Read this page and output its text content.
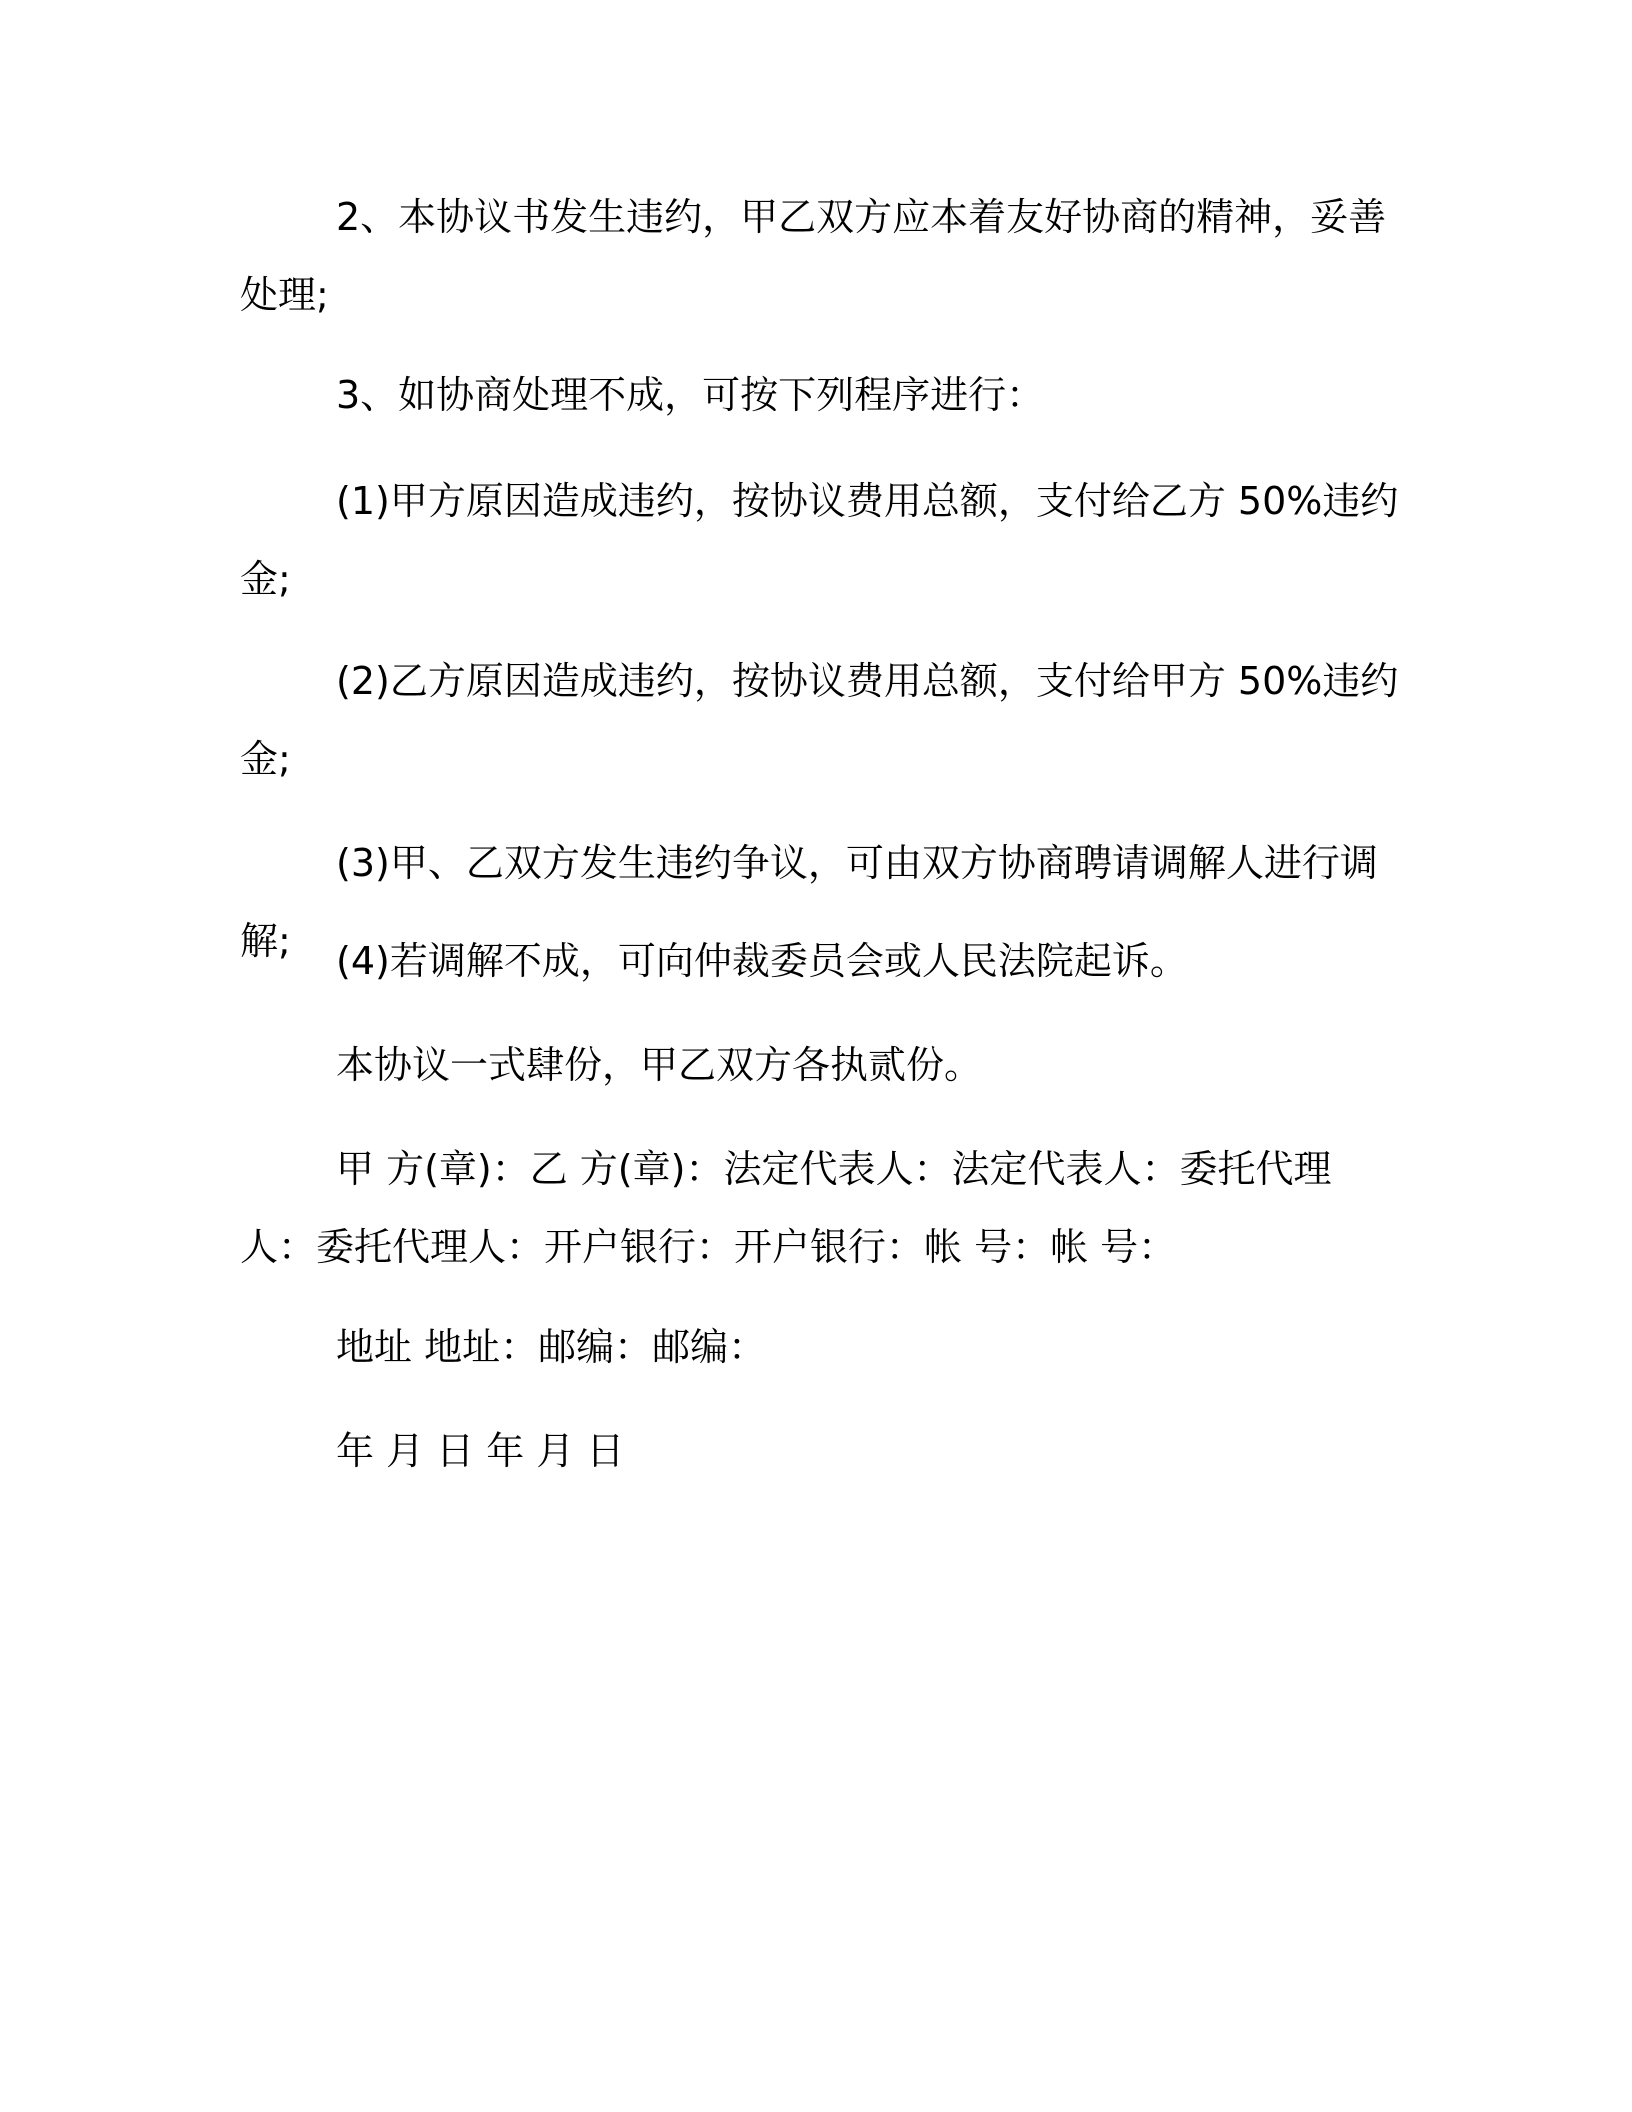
2、本协议书发生违约，甲乙双方应本着友好协商的精神，妥善处理;
3、如协商处理不成，可按下列程序进行：
(1)甲方原因造成违约，按协议费用总额，支付给乙方 50%违约金;
(2)乙方原因造成违约，按协议费用总额，支付给甲方 50%违约金;
(3)甲、乙双方发生违约争议，可由双方协商聘请调解人进行调解;	(4)若调解不成，可向仲裁委员会或人民法院起诉。
本协议一式肆份，甲乙双方各执贰份。
甲 方(章)：乙 方(章)：法定代表人：法定代表人：委托代理人：委托代理人：开户银行：开户银行：帐 号：帐 号：
地址 地址：邮编：邮编：
年 月 日 年 月 日
